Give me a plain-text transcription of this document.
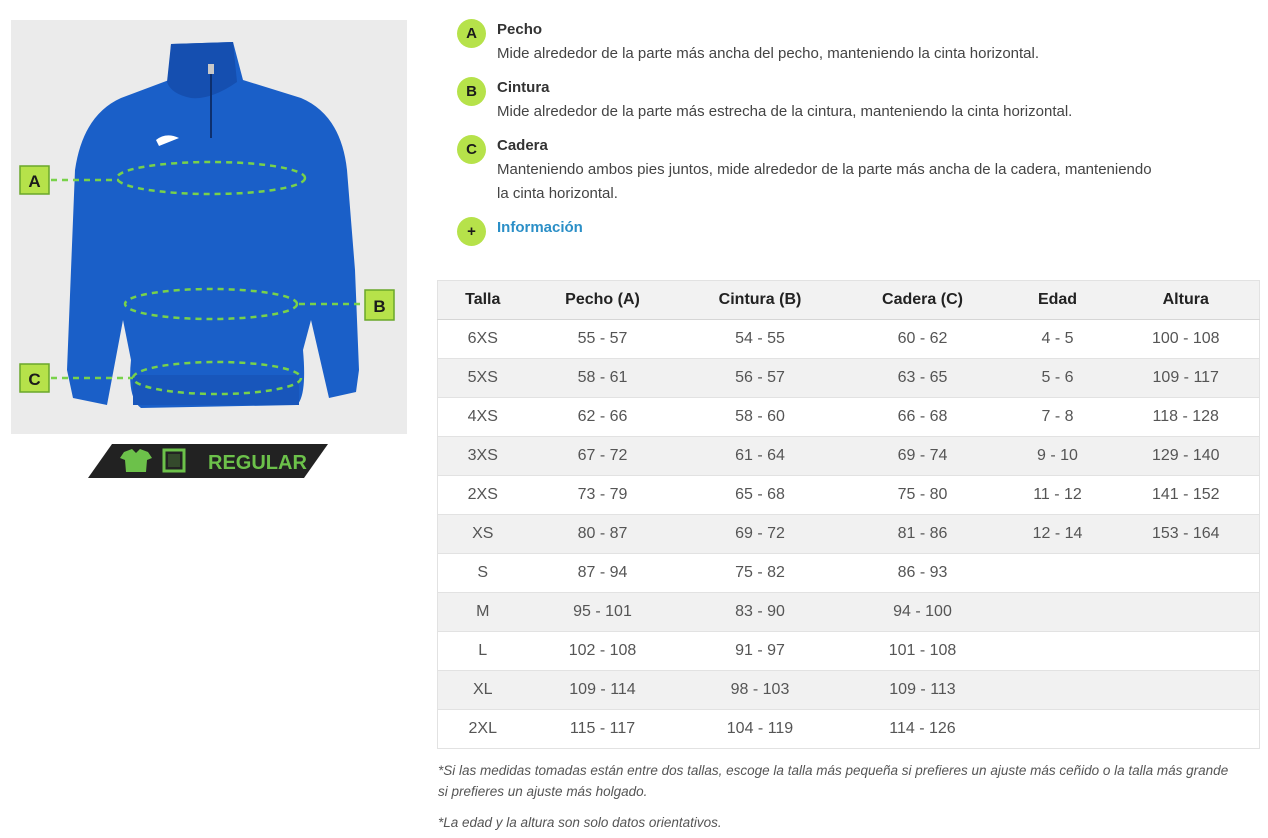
A
B
C
REGULAR
A	Pecho
Mide alrededor de la parte más ancha del pecho, manteniendo la cinta horizontal.
B	Cintura
Mide alrededor de la parte más estrecha de la cintura, manteniendo la cinta horizontal.
C	Cadera
Manteniendo ambos pies juntos, mide alrededor de la parte más ancha de la cadera, manteniendo
la cinta horizontal.
+	Información
Talla	Pecho (A)	Cintura (B)	Cadera (C)	Edad	Altura
6XS	55 - 57	54 - 55	60 - 62	4 - 5	100 - 108
5XS	58 - 61	56 - 57	63 - 65	5 - 6	109 - 117
4XS	62 - 66	58 - 60	66 - 68	7 - 8	118 - 128
3XS	67 - 72	61 - 64	69 - 74	9 - 10	129 - 140
2XS	73 - 79	65 - 68	75 - 80	11 - 12	141 - 152
XS	80 - 87	69 - 72	81 - 86	12 - 14	153 - 164
S	87 - 94	75 - 82	86 - 93		
M	95 - 101	83 - 90	94 - 100		
L	102 - 108	91 - 97	101 - 108		
XL	109 - 114	98 - 103	109 - 113		
2XL	115 - 117	104 - 119	114 - 126		
*Si las medidas tomadas están entre dos tallas, escoge la talla más pequeña si prefieres un ajuste más ceñido o la talla más grande
si prefieres un ajuste más holgado.
*La edad y la altura son solo datos orientativos.
